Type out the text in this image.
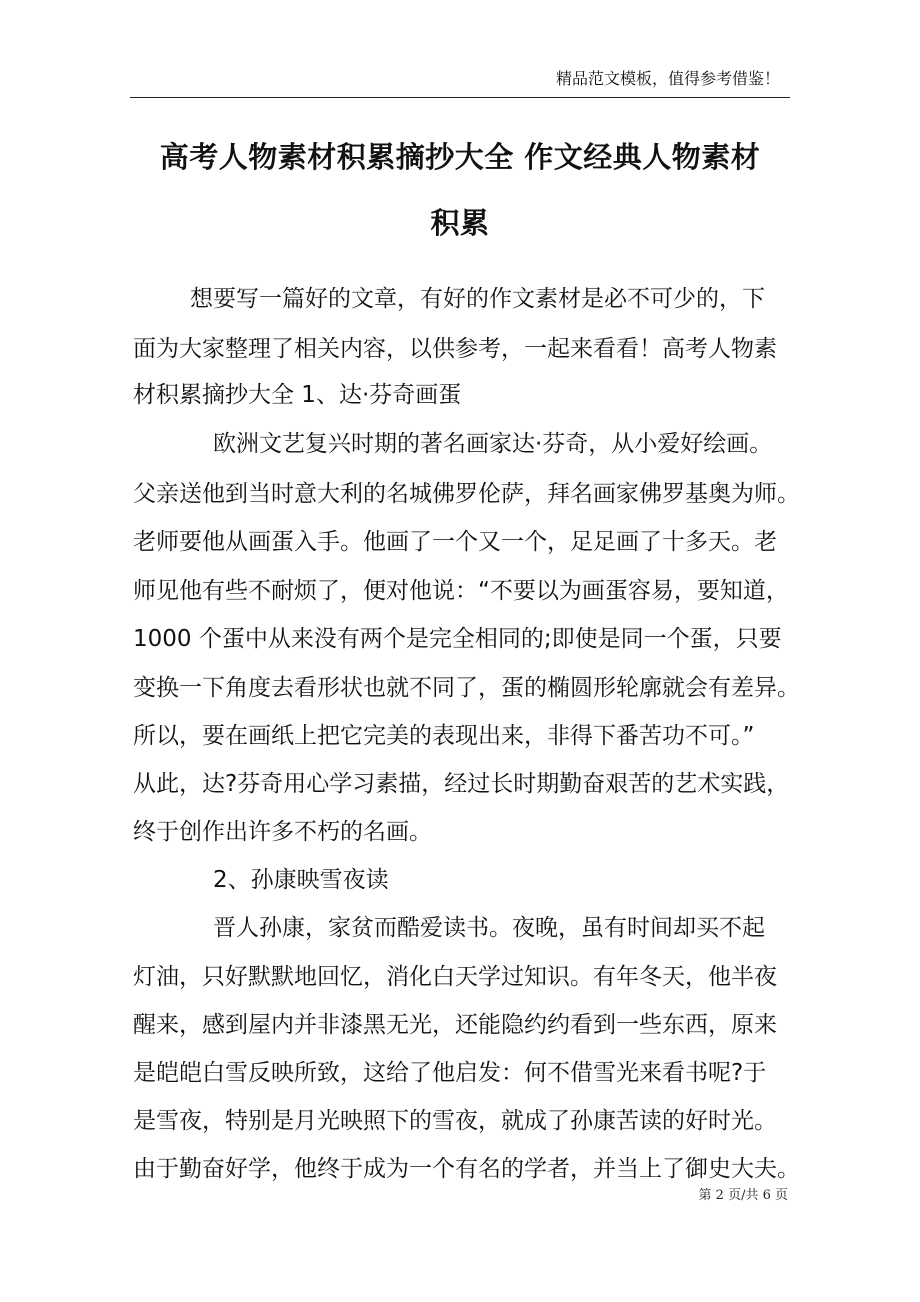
精品范文模板，值得参考借鉴！
高考人物素材积累摘抄大全 作文经典人物素材
积累
想要写一篇好的文章，有好的作文素材是必不可少的，下
面为大家整理了相关内容，以供参考，一起来看看！高考人物素
材积累摘抄大全 1、达·芬奇画蛋
欧洲文艺复兴时期的著名画家达·芬奇，从小爱好绘画。
父亲送他到当时意大利的名城佛罗伦萨，拜名画家佛罗基奥为师。
老师要他从画蛋入手。他画了一个又一个，足足画了十多天。老
师见他有些不耐烦了，便对他说：“不要以为画蛋容易，要知道，
1000 个蛋中从来没有两个是完全相同的;即使是同一个蛋，只要
变换一下角度去看形状也就不同了，蛋的椭圆形轮廓就会有差异。
所以，要在画纸上把它完美的表现出来，非得下番苦功不可。”
从此，达?芬奇用心学习素描，经过长时期勤奋艰苦的艺术实践，
终于创作出许多不朽的名画。
2、孙康映雪夜读
晋人孙康，家贫而酷爱读书。夜晚，虽有时间却买不起
灯油，只好默默地回忆，消化白天学过知识。有年冬天，他半夜
醒来，感到屋内并非漆黑无光，还能隐约约看到一些东西，原来
是皑皑白雪反映所致，这给了他启发：何不借雪光来看书呢?于
是雪夜，特别是月光映照下的雪夜，就成了孙康苦读的好时光。
由于勤奋好学，他终于成为一个有名的学者，并当上了御史大夫。
第 2 页/共 6 页
